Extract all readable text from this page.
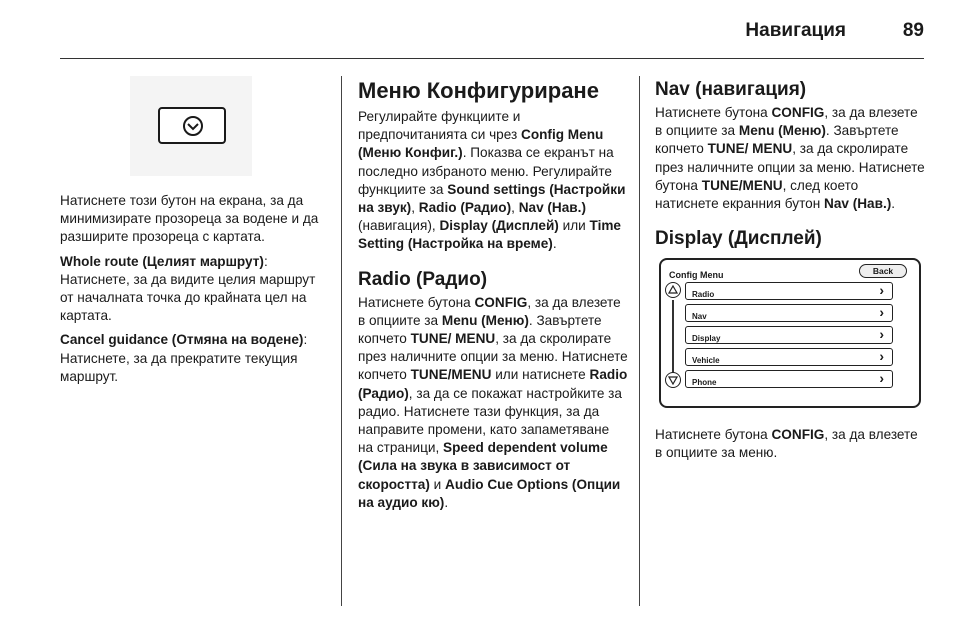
Навигация	89

Натиснете този бутон на екрана, за да минимизирате прозореца за водене и да разширите прозореца с картата.

Whole route (Целият маршрут): Натиснете, за да видите целия маршрут от началната точка до крайната цел на картата.

Cancel guidance (Отмяна на водене): Натиснете, за да прекратите текущия маршрут.

Меню Конфигуриране

Регулирайте функциите и предпочитанията си чрез Config Menu (Меню Конфиг.). Показва се екранът на последно избраното меню. Регулирайте функциите за Sound settings (Настройки на звук), Radio (Радио), Nav (Нав.) (навигация), Display (Дисплей) или Time Setting (Настройка на време).

Radio (Радио)

Натиснете бутона CONFIG, за да влезете в опциите за Menu (Меню). Завъртете копчето TUNE/ MENU, за да скролирате през наличните опции за меню. Натиснете копчето TUNE/MENU или натиснете Radio (Радио), за да се покажат настройките за радио. Натиснете тази функция, за да направите промени, като запаметяване на страници, Speed dependent volume (Сила на звука в зависимост от скоростта) и Audio Cue Options (Опции на аудио кю).

Nav (навигация)

Натиснете бутона CONFIG, за да влезете в опциите за Menu (Меню). Завъртете копчето TUNE/ MENU, за да скролирате през наличните опции за меню. Натиснете бутона TUNE/MENU, след което натиснете екранния бутон Nav (Нав.).

Display (Дисплей)
Config Menu	Back
Radio	›
Nav	›
Display	›
Vehicle	›
Phone	›

Натиснете бутона CONFIG, за да влезете в опциите за меню.
